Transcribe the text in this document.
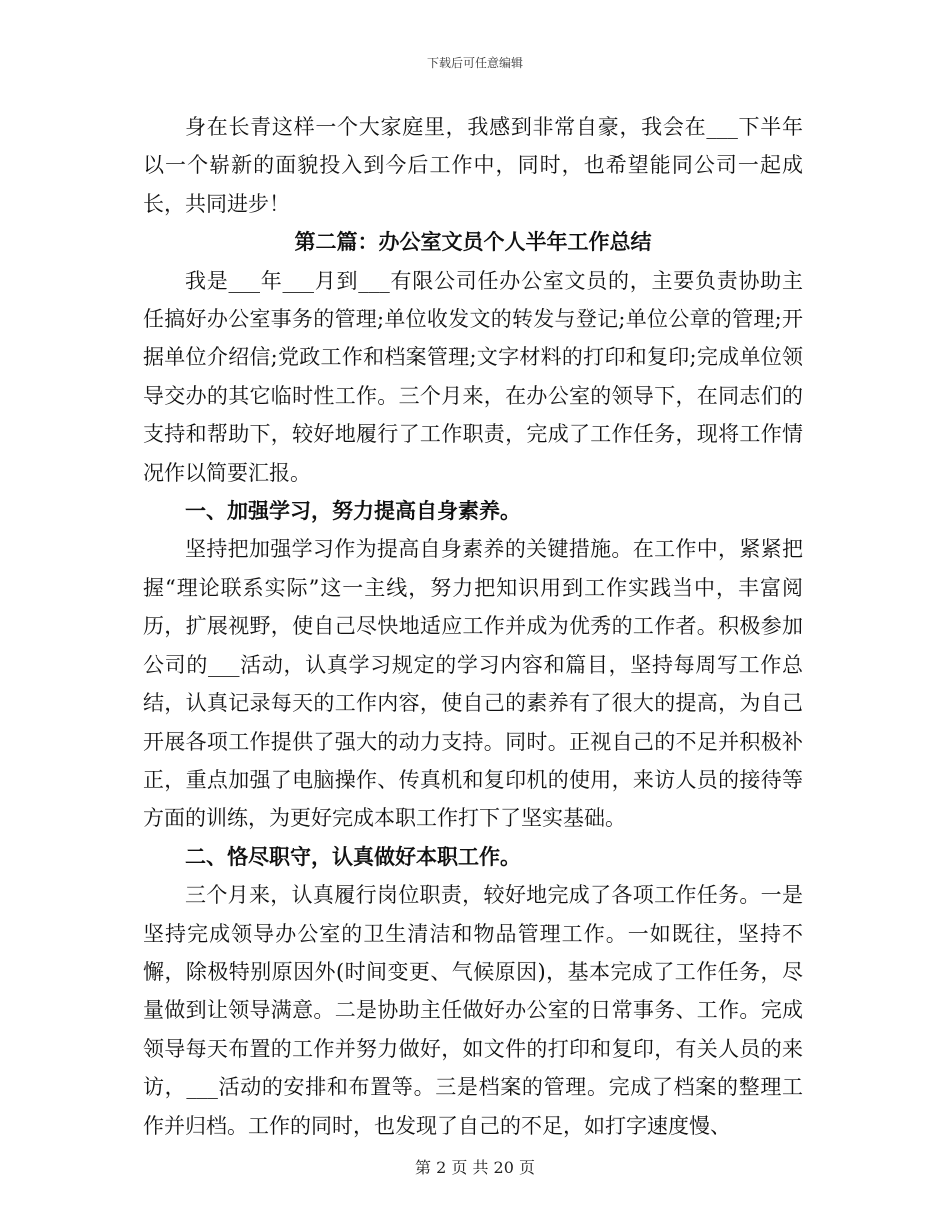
下载后可任意编辑

身在长青这样一个大家庭里，我感到非常自豪，我会在___下半年以一个崭新的面貌投入到今后工作中，同时，也希望能同公司一起成长，共同进步！

第二篇：办公室文员个人半年工作总结

我是___年___月到___有限公司任办公室文员的，主要负责协助主任搞好办公室事务的管理;单位收发文的转发与登记;单位公章的管理;开据单位介绍信;党政工作和档案管理;文字材料的打印和复印;完成单位领导交办的其它临时性工作。三个月来，在办公室的领导下，在同志们的支持和帮助下，较好地履行了工作职责，完成了工作任务，现将工作情况作以简要汇报。

一、加强学习，努力提高自身素养。

坚持把加强学习作为提高自身素养的关键措施。在工作中，紧紧把握“理论联系实际”这一主线，努力把知识用到工作实践当中，丰富阅历，扩展视野，使自己尽快地适应工作并成为优秀的工作者。积极参加公司的___活动，认真学习规定的学习内容和篇目，坚持每周写工作总结，认真记录每天的工作内容，使自己的素养有了很大的提高，为自己开展各项工作提供了强大的动力支持。同时。正视自己的不足并积极补正，重点加强了电脑操作、传真机和复印机的使用，来访人员的接待等方面的训练，为更好完成本职工作打下了坚实基础。

二、恪尽职守，认真做好本职工作。

三个月来，认真履行岗位职责，较好地完成了各项工作任务。一是坚持完成领导办公室的卫生清洁和物品管理工作。一如既往，坚持不懈，除极特别原因外(时间变更、气候原因)，基本完成了工作任务，尽量做到让领导满意。二是协助主任做好办公室的日常事务、工作。完成领导每天布置的工作并努力做好，如文件的打印和复印，有关人员的来访，___活动的安排和布置等。三是档案的管理。完成了档案的整理工作并归档。工作的同时，也发现了自己的不足，如打字速度慢、

第 2 页 共 20 页
